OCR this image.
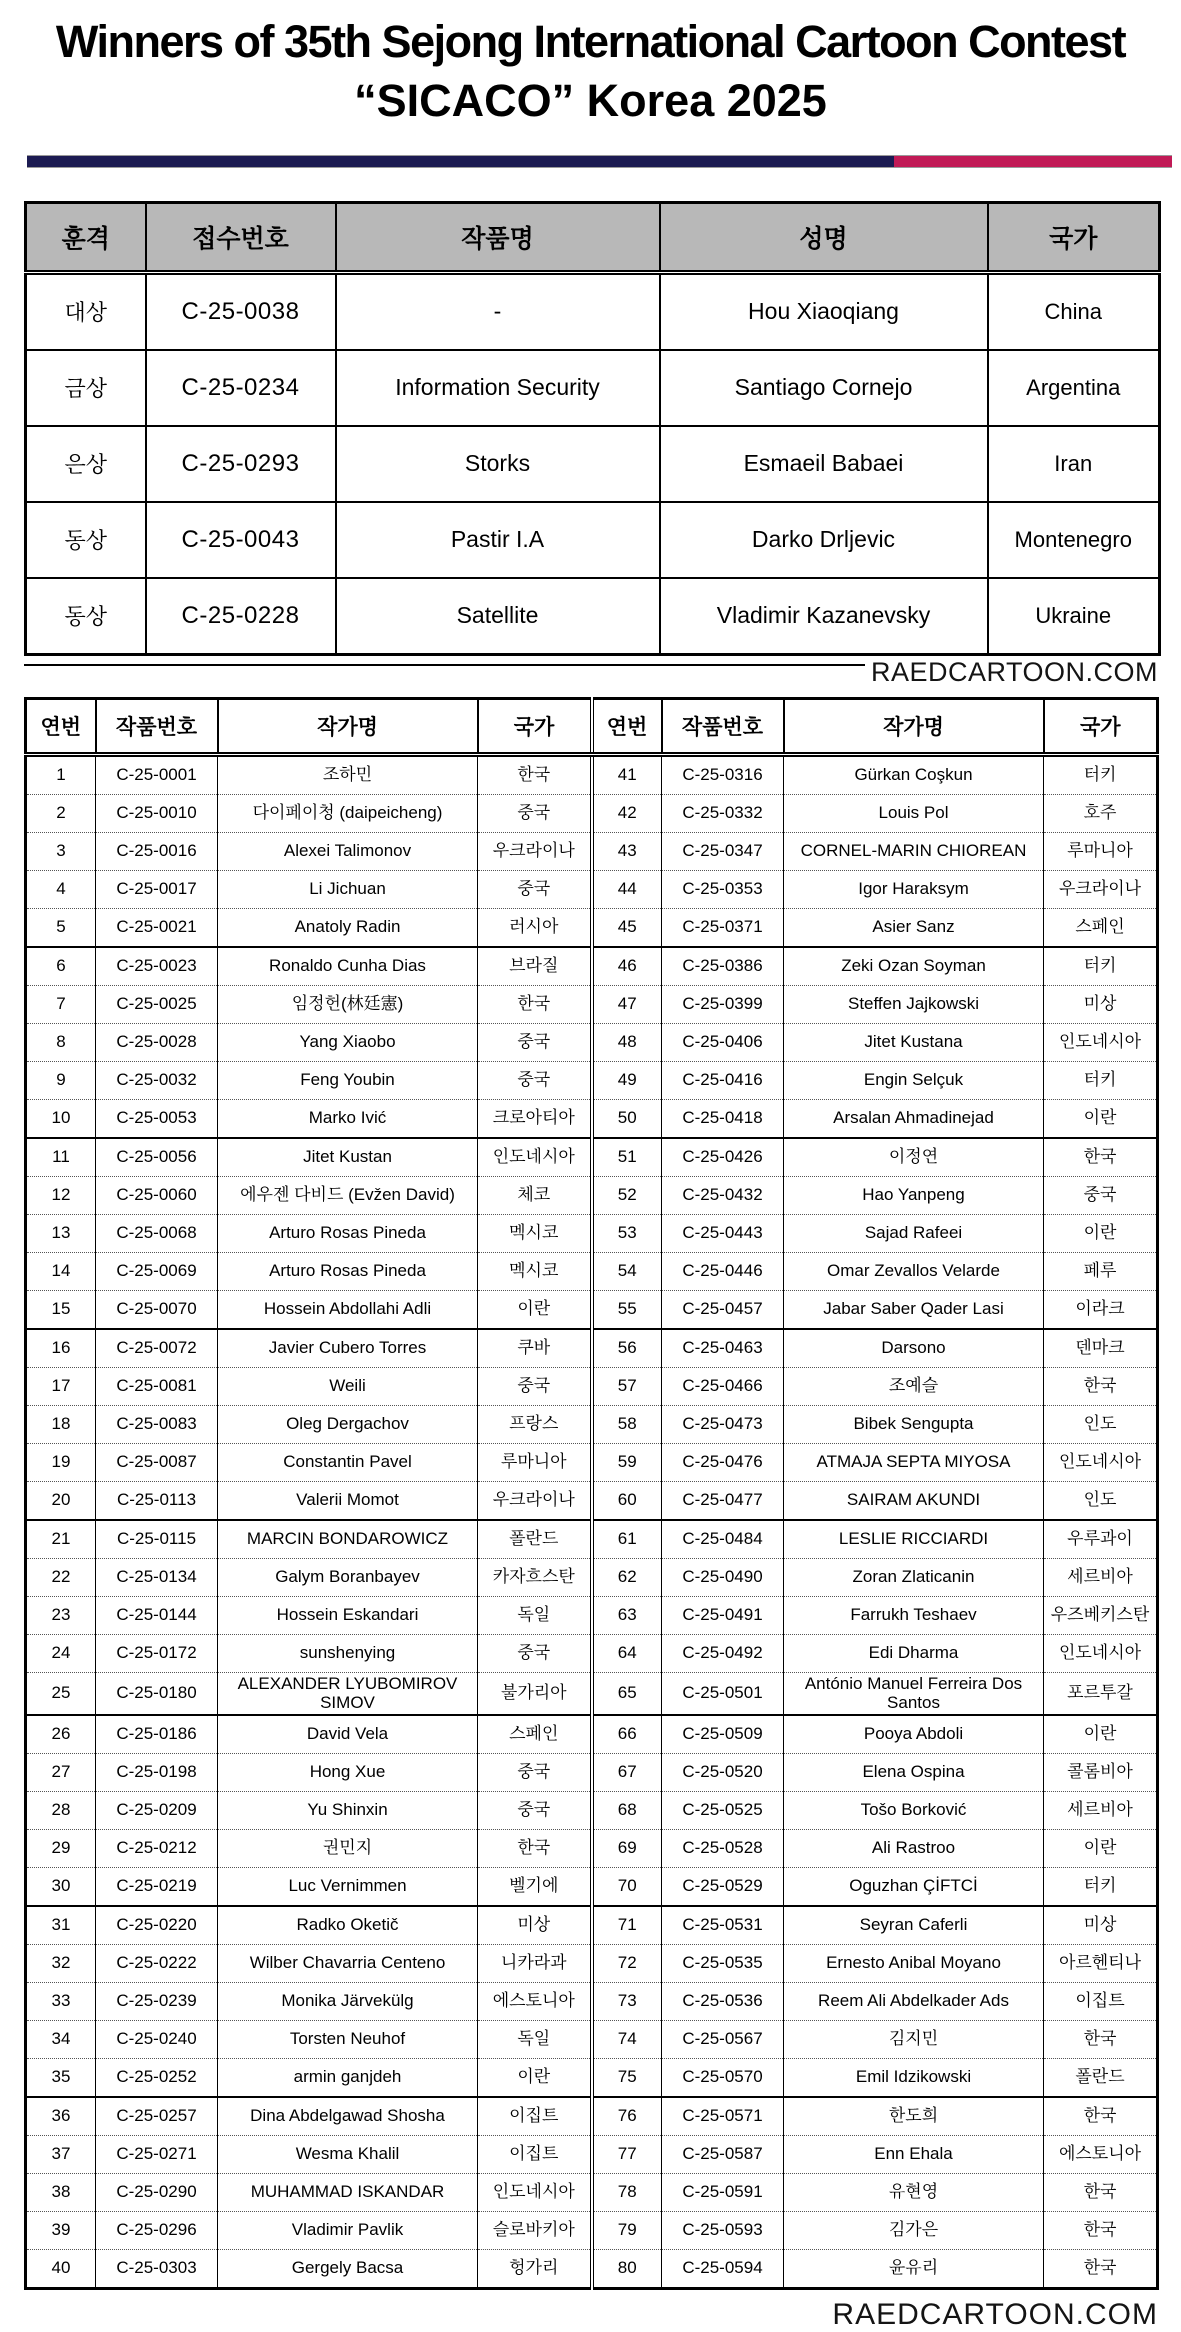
Winners of 35th Sejong International Cartoon Contest
“SICACO” Korea 2025
훈격	접수번호	작품명	성명	국가
대상	C-25-0038	-	Hou Xiaoqiang	China
금상	C-25-0234	Information Security	Santiago Cornejo	Argentina
은상	C-25-0293	Storks	Esmaeil Babaei	Iran
동상	C-25-0043	Pastir I.A	Darko Drljevic	Montenegro
동상	C-25-0228	Satellite	Vladimir Kazanevsky	Ukraine
RAEDCARTOON.COM
연번	작품번호	작가명	국가	연번	작품번호	작가명	국가
1	C-25-0001	조하민	한국	41	C-25-0316	Gürkan Coşkun	터키
2	C-25-0010	다이페이청 (daipeicheng)	중국	42	C-25-0332	Louis Pol	호주
3	C-25-0016	Alexei Talimonov	우크라이나	43	C-25-0347	CORNEL-MARIN CHIOREAN	루마니아
4	C-25-0017	Li Jichuan	중국	44	C-25-0353	Igor Haraksym	우크라이나
5	C-25-0021	Anatoly Radin	러시아	45	C-25-0371	Asier Sanz	스페인
6	C-25-0023	Ronaldo Cunha Dias	브라질	46	C-25-0386	Zeki Ozan Soyman	터키
7	C-25-0025	임정헌(林廷憲)	한국	47	C-25-0399	Steffen Jajkowski	미상
8	C-25-0028	Yang Xiaobo	중국	48	C-25-0406	Jitet Kustana	인도네시아
9	C-25-0032	Feng Youbin	중국	49	C-25-0416	Engin Selçuk	터키
10	C-25-0053	Marko Ivić	크로아티아	50	C-25-0418	Arsalan Ahmadinejad	이란
11	C-25-0056	Jitet Kustan	인도네시아	51	C-25-0426	이정연	한국
12	C-25-0060	에우젠 다비드 (Evžen David)	체코	52	C-25-0432	Hao Yanpeng	중국
13	C-25-0068	Arturo Rosas Pineda	멕시코	53	C-25-0443	Sajad Rafeei	이란
14	C-25-0069	Arturo Rosas Pineda	멕시코	54	C-25-0446	Omar Zevallos Velarde	페루
15	C-25-0070	Hossein Abdollahi Adli	이란	55	C-25-0457	Jabar Saber Qader Lasi	이라크
16	C-25-0072	Javier Cubero Torres	쿠바	56	C-25-0463	Darsono	덴마크
17	C-25-0081	Weili	중국	57	C-25-0466	조예슬	한국
18	C-25-0083	Oleg Dergachov	프랑스	58	C-25-0473	Bibek Sengupta	인도
19	C-25-0087	Constantin Pavel	루마니아	59	C-25-0476	ATMAJA SEPTA MIYOSA	인도네시아
20	C-25-0113	Valerii Momot	우크라이나	60	C-25-0477	SAIRAM AKUNDI	인도
21	C-25-0115	MARCIN BONDAROWICZ	폴란드	61	C-25-0484	LESLIE RICCIARDI	우루과이
22	C-25-0134	Galym Boranbayev	카자흐스탄	62	C-25-0490	Zoran Zlaticanin	세르비아
23	C-25-0144	Hossein Eskandari	독일	63	C-25-0491	Farrukh Teshaev	우즈베키스탄
24	C-25-0172	sunshenying	중국	64	C-25-0492	Edi Dharma	인도네시아
25	C-25-0180	ALEXANDER LYUBOMIROV SIMOV	불가리아	65	C-25-0501	António Manuel Ferreira Dos Santos	포르투갈
26	C-25-0186	David Vela	스페인	66	C-25-0509	Pooya Abdoli	이란
27	C-25-0198	Hong Xue	중국	67	C-25-0520	Elena Ospina	콜롬비아
28	C-25-0209	Yu Shinxin	중국	68	C-25-0525	Tošo Borković	세르비아
29	C-25-0212	권민지	한국	69	C-25-0528	Ali Rastroo	이란
30	C-25-0219	Luc Vernimmen	벨기에	70	C-25-0529	Oguzhan ÇİFTCİ	터키
31	C-25-0220	Radko Oketič	미상	71	C-25-0531	Seyran Caferli	미상
32	C-25-0222	Wilber Chavarria Centeno	니카라과	72	C-25-0535	Ernesto Anibal Moyano	아르헨티나
33	C-25-0239	Monika Järvekülg	에스토니아	73	C-25-0536	Reem Ali Abdelkader Ads	이집트
34	C-25-0240	Torsten Neuhof	독일	74	C-25-0567	김지민	한국
35	C-25-0252	armin ganjdeh	이란	75	C-25-0570	Emil Idzikowski	폴란드
36	C-25-0257	Dina Abdelgawad Shosha	이집트	76	C-25-0571	한도희	한국
37	C-25-0271	Wesma Khalil	이집트	77	C-25-0587	Enn Ehala	에스토니아
38	C-25-0290	MUHAMMAD ISKANDAR	인도네시아	78	C-25-0591	유현영	한국
39	C-25-0296	Vladimir Pavlik	슬로바키아	79	C-25-0593	김가은	한국
40	C-25-0303	Gergely Bacsa	헝가리	80	C-25-0594	윤유리	한국
RAEDCARTOON.COM
